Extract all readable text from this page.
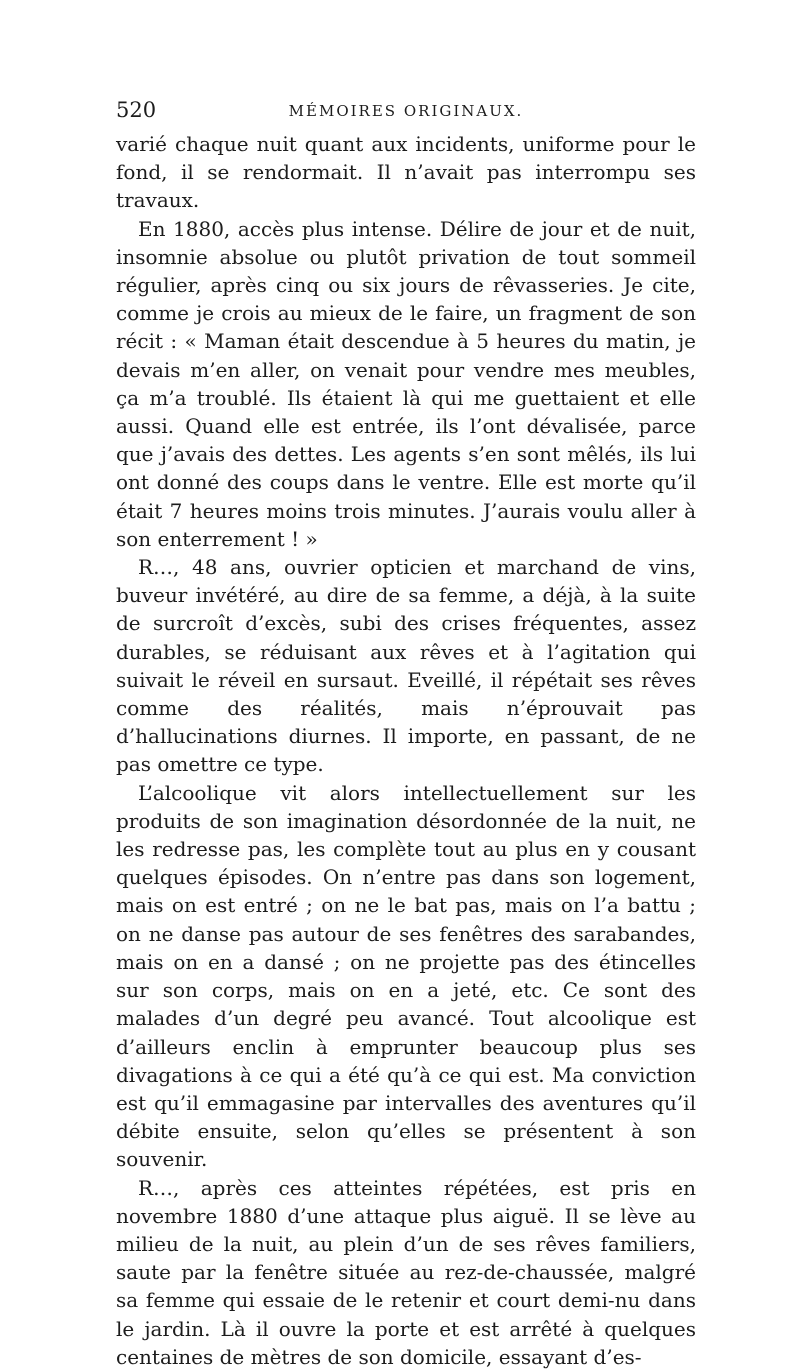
520	MÉMOIRES ORIGINAUX.

varié chaque nuit quant aux incidents, uniforme pour le fond, il se rendormait. Il n’avait pas interrompu ses travaux.

En 1880, accès plus intense. Délire de jour et de nuit, insomnie absolue ou plutôt privation de tout sommeil régulier, après cinq ou six jours de rêvasseries. Je cite, comme je crois au mieux de le faire, un fragment de son récit : « Maman était descendue à 5 heures du matin, je devais m’en aller, on venait pour vendre mes meubles, ça m’a troublé. Ils étaient là qui me guettaient et elle aussi. Quand elle est entrée, ils l’ont dévalisée, parce que j’avais des dettes. Les agents s’en sont mêlés, ils lui ont donné des coups dans le ventre. Elle est morte qu’il était 7 heures moins trois minutes. J’aurais voulu aller à son enterrement ! »

R…, 48 ans, ouvrier opticien et marchand de vins, buveur invétéré, au dire de sa femme, a déjà, à la suite de surcroît d’excès, subi des crises fréquentes, assez durables, se réduisant aux rêves et à l’agitation qui suivait le réveil en sursaut. Eveillé, il répétait ses rêves comme des réalités, mais n’éprouvait pas d’hallucinations diurnes. Il importe, en passant, de ne pas omettre ce type.

L’alcoolique vit alors intellectuellement sur les produits de son imagination désordonnée de la nuit, ne les redresse pas, les complète tout au plus en y cousant quelques épisodes. On n’entre pas dans son logement, mais on est entré ; on ne le bat pas, mais on l’a battu ; on ne danse pas autour de ses fenêtres des sarabandes, mais on en a dansé ; on ne projette pas des étincelles sur son corps, mais on en a jeté, etc. Ce sont des malades d’un degré peu avancé. Tout alcoolique est d’ailleurs enclin à emprunter beaucoup plus ses divagations à ce qui a été qu’à ce qui est. Ma conviction est qu’il emmagasine par intervalles des aventures qu’il débite ensuite, selon qu’elles se présentent à son souvenir.

R…, après ces atteintes répétées, est pris en novembre 1880 d’une attaque plus aiguë. Il se lève au milieu de la nuit, au plein d’un de ses rêves familiers, saute par la fenêtre située au rez-de-chaussée, malgré sa femme qui essaie de le retenir et court demi-nu dans le jardin. Là il ouvre la porte et est arrêté à quelques centaines de mètres de son domicile, essayant d’es-
